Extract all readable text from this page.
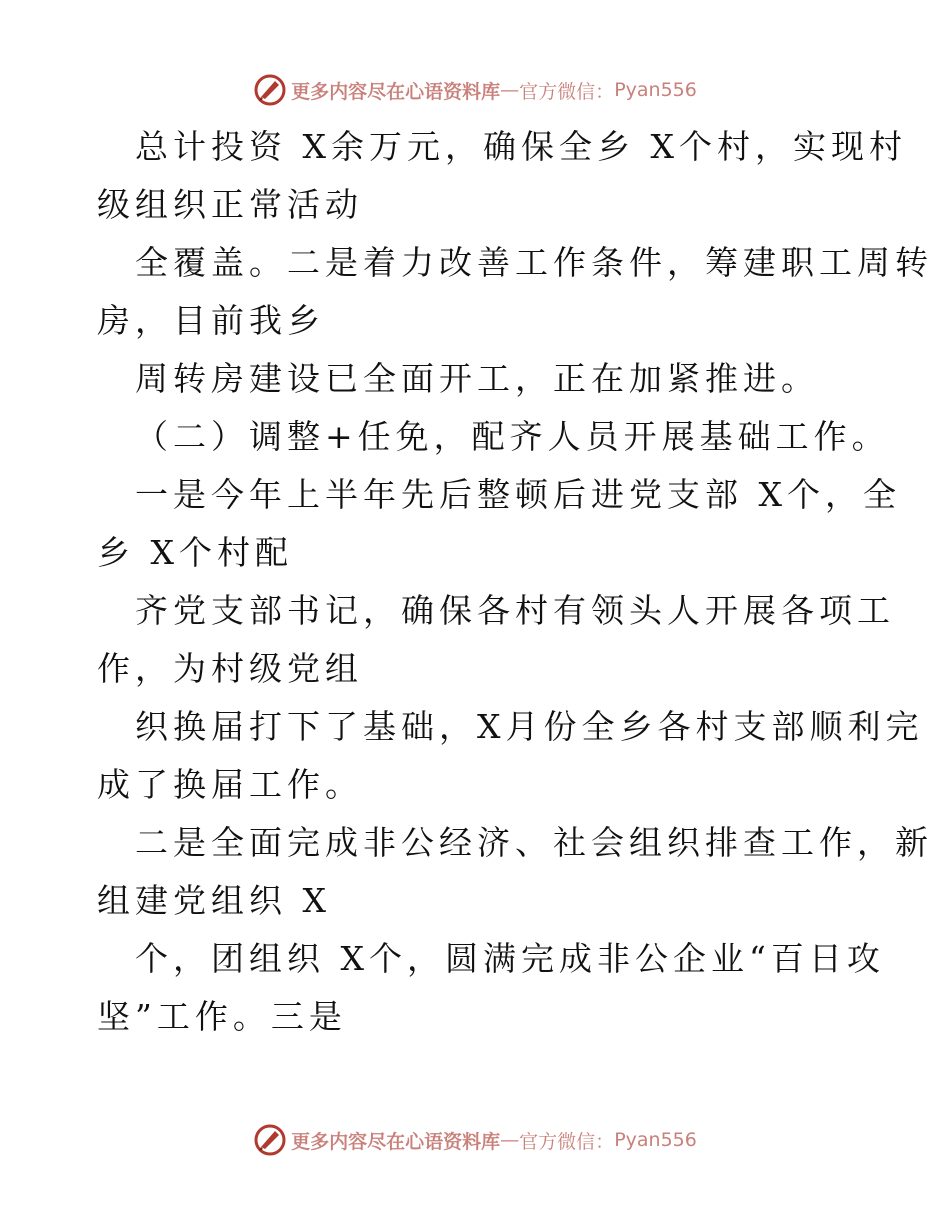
更多内容尽在心语资料库 — 官方微信： Pyan556
总计投资 X余万元，确保全乡 X个村，实现村
级组织正常活动
全覆盖。二是着力改善工作条件，筹建职工周转
房，目前我乡
周转房建设已全面开工，正在加紧推进。
（二）调整+任免，配齐人员开展基础工作。
一是今年上半年先后整顿后进党支部 X个，全
乡 X个村配
齐党支部书记，确保各村有领头人开展各项工
作，为村级党组
织换届打下了基础，X月份全乡各村支部顺利完
成了换届工作。
二是全面完成非公经济、社会组织排查工作，新
组建党组织 X
个，团组织 X个，圆满完成非公企业“百日攻
坚”工作。三是
更多内容尽在心语资料库 — 官方微信： Pyan556
